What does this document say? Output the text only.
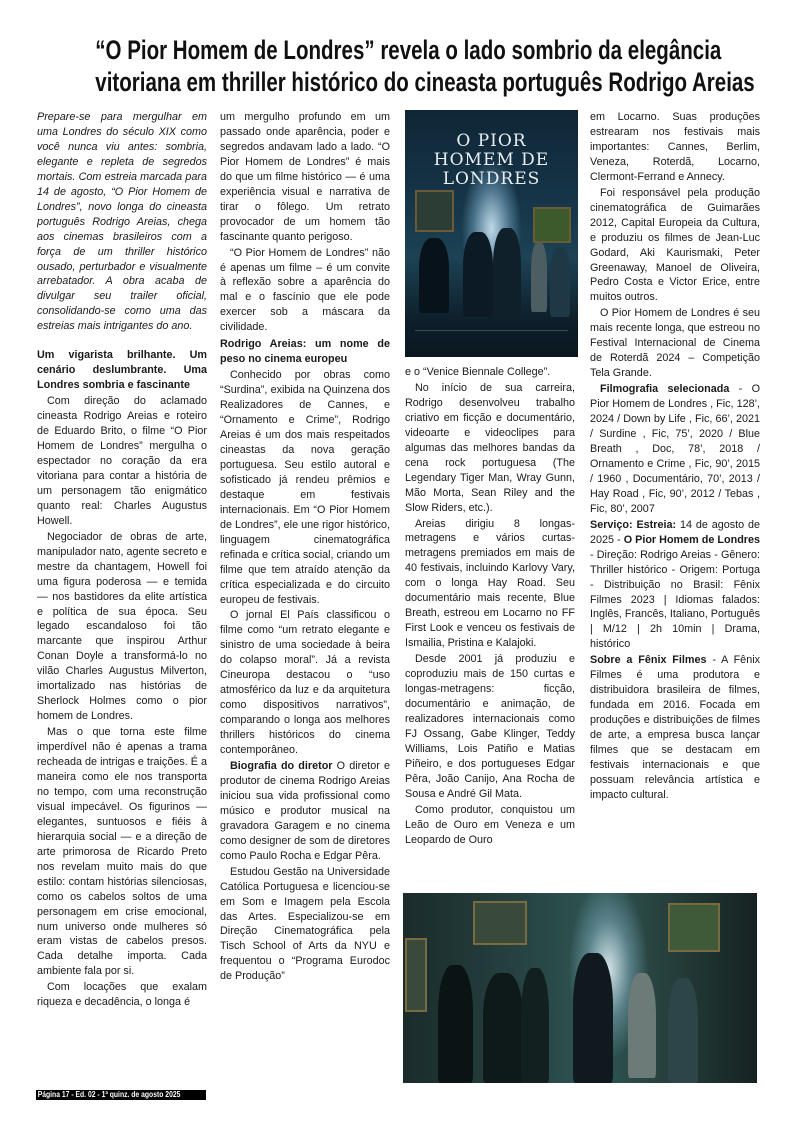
“O Pior Homem de Londres” revela o lado sombrio da elegância
vitoriana em thriller histórico do cineasta português Rodrigo Areias

Prepare-se para mergulhar em uma Londres do século XIX como você nunca viu antes: sombria, elegante e repleta de segredos mortais. Com estreia marcada para 14 de agosto, “O Pior Homem de Londres”, novo longa do cineasta português Rodrigo Areias, chega aos cinemas brasileiros com a força de um thriller histórico ousado, perturbador e visualmente arrebatador. A obra acaba de divulgar seu trailer oficial, consolidando-se como uma das estreias mais intrigantes do ano.

Um vigarista brilhante. Um cenário deslumbrante. Uma Londres sombria e fascinante

Com direção do aclamado cineasta Rodrigo Areias e roteiro de Eduardo Brito, o filme “O Pior Homem de Londres” mergulha o espectador no coração da era vitoriana para contar a história de um personagem tão enigmático quanto real: Charles Augustus Howell.

Negociador de obras de arte, manipulador nato, agente secreto e mestre da chantagem, Howell foi uma figura poderosa — e temida — nos bastidores da elite artística e política de sua época. Seu legado escandaloso foi tão marcante que inspirou Arthur Conan Doyle a transformá-lo no vilão Charles Augustus Milverton, imortalizado nas histórias de Sherlock Holmes como o pior homem de Londres.

Mas o que torna este filme imperdível não é apenas a trama recheada de intrigas e traições. É a maneira como ele nos transporta no tempo, com uma reconstrução visual impecável. Os figurinos — elegantes, suntuosos e fiéis à hierarquia social — e a direção de arte primorosa de Ricardo Preto nos revelam muito mais do que estilo: contam histórias silenciosas, como os cabelos soltos de uma personagem em crise emocional, num universo onde mulheres só eram vistas de cabelos presos. Cada detalhe importa. Cada ambiente fala por si.

Com locações que exalam riqueza e decadência, o longa é

um mergulho profundo em um passado onde aparência, poder e segredos andavam lado a lado. “O Pior Homem de Londres” é mais do que um filme histórico — é uma experiência visual e narrativa de tirar o fôlego. Um retrato provocador de um homem tão fascinante quanto perigoso.

“O Pior Homem de Londres” não é apenas um filme – é um convite à reflexão sobre a aparência do mal e o fascínio que ele pode exercer sob a máscara da civilidade.

Rodrigo Areias: um nome de peso no cinema europeu

Conhecido por obras como “Surdina”, exibida na Quinzena dos Realizadores de Cannes, e “Ornamento e Crime”, Rodrigo Areias é um dos mais respeitados cineastas da nova geração portuguesa. Seu estilo autoral e sofisticado já rendeu prêmios e destaque em festivais internacionais. Em “O Pior Homem de Londres”, ele une rigor histórico, linguagem cinematográfica refinada e crítica social, criando um filme que tem atraído atenção da crítica especializada e do circuito europeu de festivais.

O jornal El País classificou o filme como “um retrato elegante e sinistro de uma sociedade à beira do colapso moral”. Já a revista Cineuropa destacou o “uso atmosférico da luz e da arquitetura como dispositivos narrativos”, comparando o longa aos melhores thrillers históricos do cinema contemporâneo.

Biografia do diretor O diretor e produtor de cinema Rodrigo Areias iniciou sua vida profissional como músico e produtor musical na gravadora Garagem e no cinema como designer de som de diretores como Paulo Rocha e Edgar Pêra.

Estudou Gestão na Universidade Católica Portuguesa e licenciou-se em Som e Imagem pela Escola das Artes. Especializou-se em Direção Cinematográfica pela Tisch School of Arts da NYU e frequentou o “Programa Eurodoc de Produção”

O PIOR
HOMEM DE
LONDRES

e o “Venice Biennale College”.

No início de sua carreira, Rodrigo desenvolveu trabalho criativo em ficção e documentário, videoarte e videoclipes para algumas das melhores bandas da cena rock portuguesa (The Legendary Tiger Man, Wray Gunn, Mão Morta, Sean Riley and the Slow Riders, etc.).

Areias dirigiu 8 longas-metragens e vários curtas-metragens premiados em mais de 40 festivais, incluindo Karlovy Vary, com o longa Hay Road. Seu documentário mais recente, Blue Breath, estreou em Locarno no FF First Look e venceu os festivais de Ismailia, Pristina e Kalajoki.

Desde 2001 já produziu e coproduziu mais de 150 curtas e longas-metragens: ficção, documentário e animação, de realizadores internacionais como FJ Ossang, Gabe Klinger, Teddy Williams, Lois Patiño e Matias Piñeiro, e dos portugueses Edgar Pêra, João Canijo, Ana Rocha de Sousa e André Gil Mata.

Como produtor, conquistou um Leão de Ouro em Veneza e um Leopardo de Ouro

em Locarno. Suas produções estrearam nos festivais mais importantes: Cannes, Berlim, Veneza, Roterdã, Locarno, Clermont-Ferrand e Annecy.

Foi responsável pela produção cinematográfica de Guimarães 2012, Capital Europeia da Cultura, e produziu os filmes de Jean-Luc Godard, Aki Kaurismaki, Peter Greenaway, Manoel de Oliveira, Pedro Costa e Victor Erice, entre muitos outros.

O Pior Homem de Londres é seu mais recente longa, que estreou no Festival Internacional de Cinema de Roterdã 2024 – Competição Tela Grande.

Filmografia selecionada - O Pior Homem de Londres , Fic, 128’, 2024 / Down by Life , Fic, 66’, 2021 / Surdine , Fic, 75’, 2020 / Blue Breath , Doc, 78’, 2018 / Ornamento e Crime , Fic, 90’, 2015 / 1960 , Documentário, 70’, 2013 / Hay Road , Fic, 90’, 2012 / Tebas , Fic, 80’, 2007

Serviço: Estreia: 14 de agosto de 2025 - O Pior Homem de Londres - Direção: Rodrigo Areias - Gênero: Thriller histórico - Origem: Portuga - Distribuição no Brasil: Fênix Filmes 2023 | Idiomas falados: Inglês, Francês, Italiano, Português | M/12 | 2h 10min | Drama, histórico

Sobre a Fênix Filmes - A Fênix Filmes é uma produtora e distribuidora brasileira de filmes, fundada em 2016. Focada em produções e distribuições de filmes de arte, a empresa busca lançar filmes que se destacam em festivais internacionais e que possuam relevância artística e impacto cultural.

Página 17 - Ed. 02 - 1ª quinz. de agosto 2025
